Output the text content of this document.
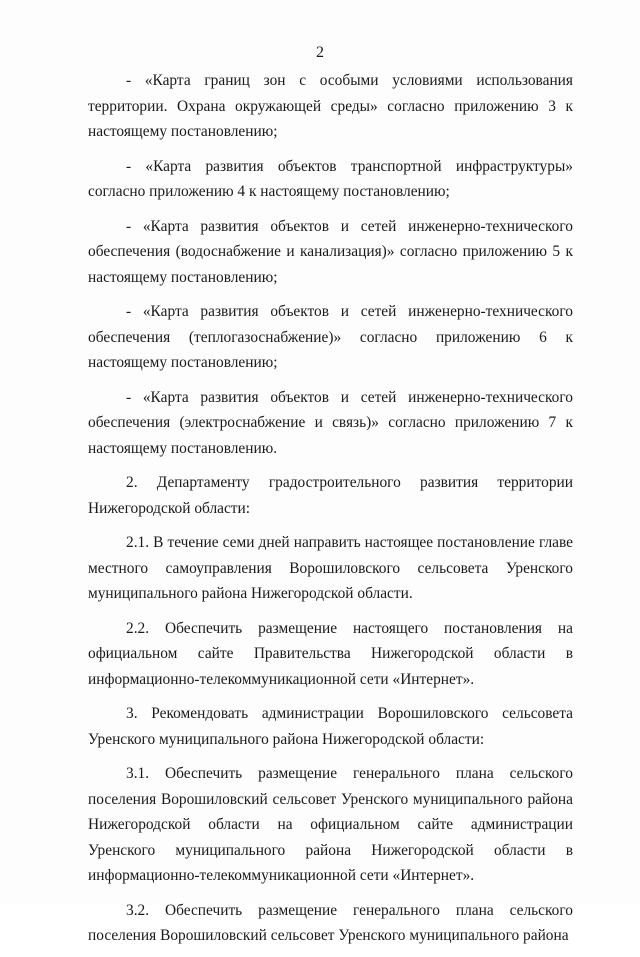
2

- «Карта границ зон с особыми условиями использования территории. Охрана окружающей среды» согласно приложению 3 к настоящему постановлению;

- «Карта развития объектов транспортной инфраструктуры» согласно приложению 4 к настоящему постановлению;

- «Карта развития объектов и сетей инженерно-технического обеспечения (водоснабжение и канализация)» согласно приложению 5 к настоящему постановлению;

- «Карта развития объектов и сетей инженерно-технического обеспечения (теплогазоснабжение)» согласно приложению 6 к настоящему постановлению;

- «Карта развития объектов и сетей инженерно-технического обеспечения (электроснабжение и связь)» согласно приложению 7 к настоящему постановлению.

2. Департаменту градостроительного развития территории Нижегородской области:

2.1. В течение семи дней направить настоящее постановление главе местного самоуправления Ворошиловского сельсовета Уренского муниципального района Нижегородской области.

2.2. Обеспечить размещение настоящего постановления на официальном сайте Правительства Нижегородской области в информационно-телекоммуникационной сети «Интернет».

3. Рекомендовать администрации Ворошиловского сельсовета Уренского муниципального района Нижегородской области:

3.1. Обеспечить размещение генерального плана сельского поселения Ворошиловский сельсовет Уренского муниципального района Нижегородской области на официальном сайте администрации Уренского муниципального района Нижегородской области в информационно-телекоммуникационной сети «Интернет».

3.2. Обеспечить размещение генерального плана сельского поселения Ворошиловский сельсовет Уренского муниципального района
